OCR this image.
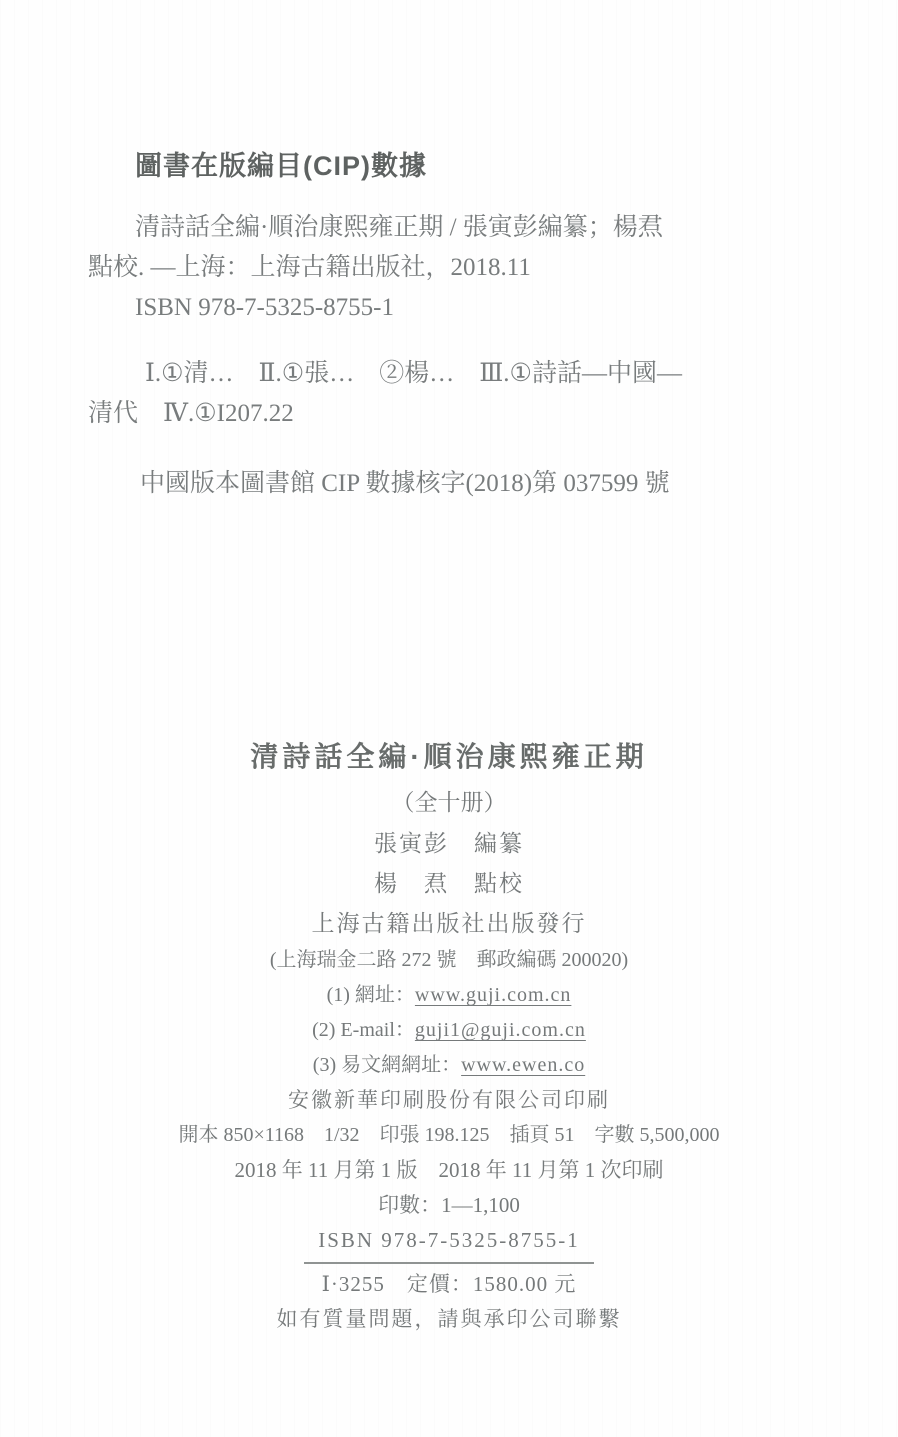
圖書在版編目(CIP)數據
清詩話全編·順治康熙雍正期 / 張寅彭編纂；楊焄
點校. —上海：上海古籍出版社，2018.11
ISBN 978-7-5325-8755-1
Ⅰ.①清…　Ⅱ.①張…　②楊…　Ⅲ.①詩話—中國—
清代　Ⅳ.①I207.22
中國版本圖書館 CIP 數據核字(2018)第 037599 號
清詩話全編·順治康熙雍正期
（全十册）
張寅彭　編纂
楊　焄　點校
上海古籍出版社出版發行
(上海瑞金二路 272 號　郵政編碼 200020)
(1) 網址：www.guji.com.cn
(2) E-mail：guji1@guji.com.cn
(3) 易文網網址：www.ewen.co
安徽新華印刷股份有限公司印刷
開本 850×1168　1/32　印張 198.125　插頁 51　字數 5,500,000
2018 年 11 月第 1 版　2018 年 11 月第 1 次印刷
印數：1—1,100
ISBN 978-7-5325-8755-1
Ⅰ·3255　定價：1580.00 元
如有質量問題，請與承印公司聯繫
